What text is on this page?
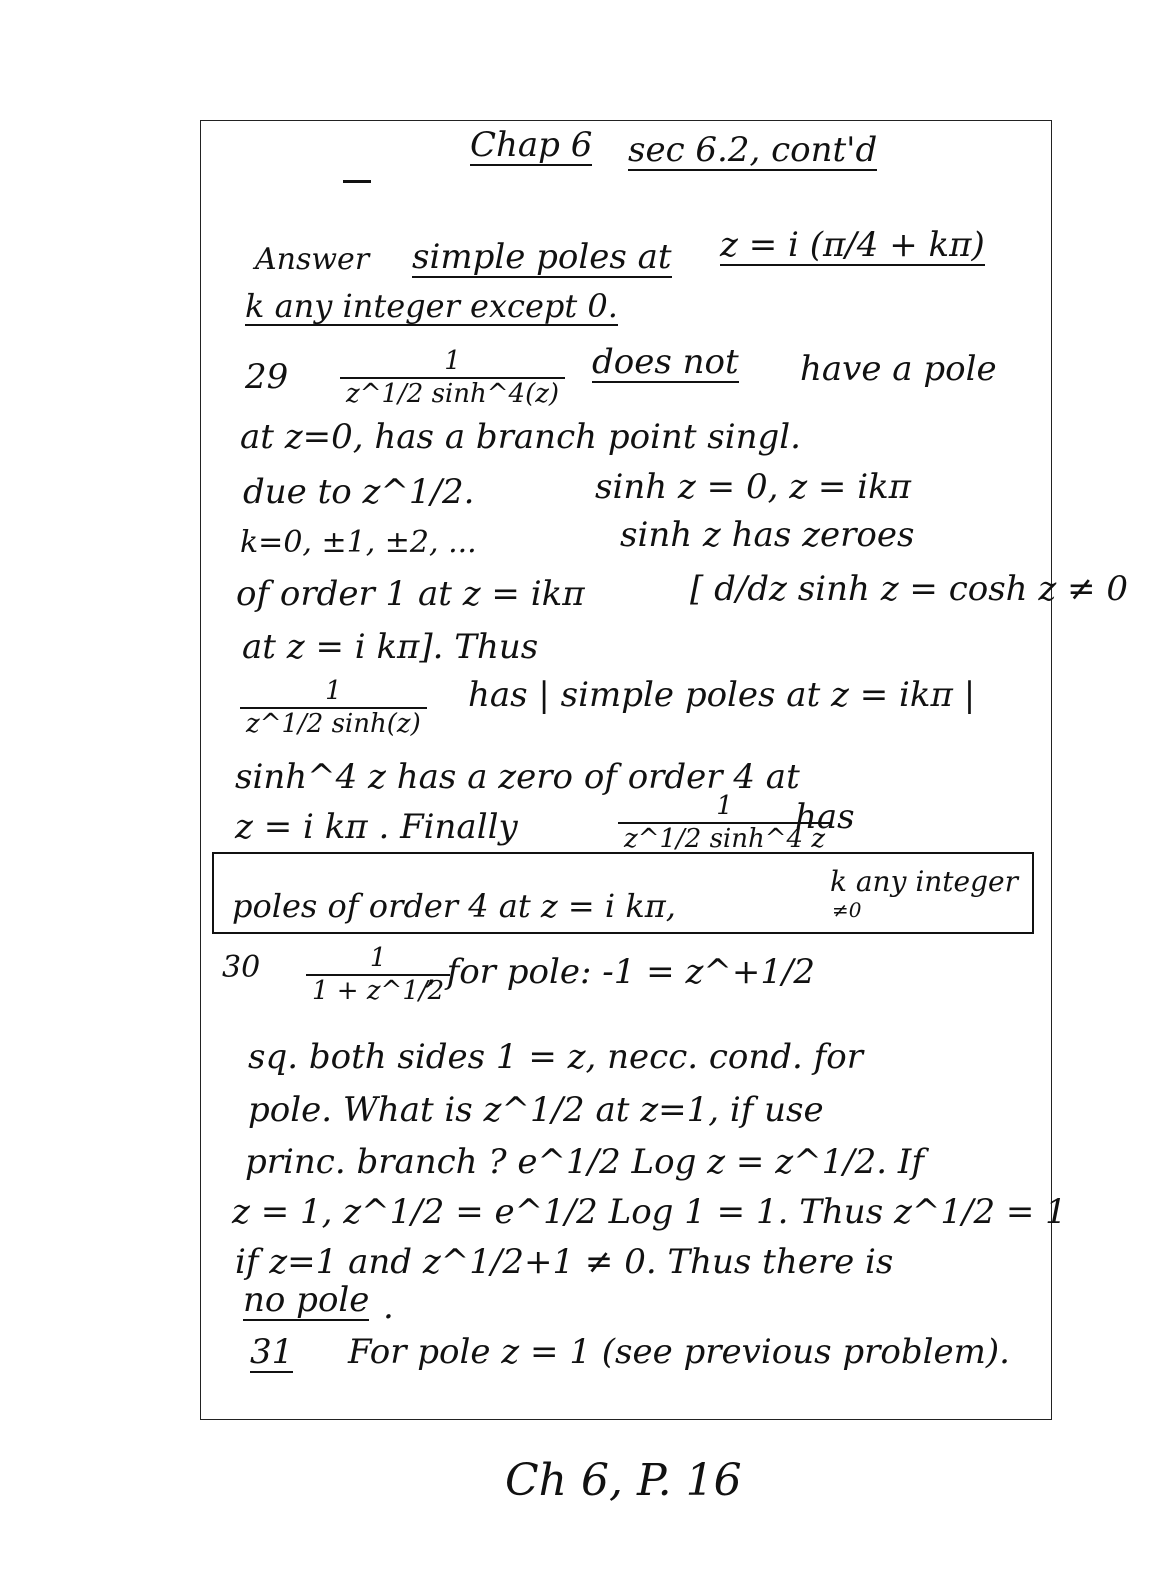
Chap 6 sec 6.2, cont'd
Answer simple poles at z = i (π/4 + kπ)
k any integer except 0.
$29 \frac{1}{z\^{}1/2 \sinh\^{}4(z)}$ does not have a pole
at z=0, has a branch point singl.
due to z^1/2.	sinh z = 0, z = ikπ
k=0, ±1, ±2, ...	sinh z has zeroes
of order 1 at z = ikπ	[ d/dz sinh z = cosh z ≠ 0
at z = i kπ]. Thus
$\frac{1}{z\^{}1/2 \sinh(z)}$ has | simple poles at z = ikπ |
sinh^4 z has a zero of order 4 at
z = i kπ . Finally	$\frac{1}{z\^{}1/2 \sinh\^{}4 z}$
has
poles of order 4 at z = i kπ,
k any integer
≠0
$30 \frac{1}{1 + z\^{}1/2}$
, for pole: -1 = z^+1/2
sq. both sides 1 = z, necc. cond. for
pole. What is z^1/2 at z=1, if use
princ. branch ? e^1/2 Log z = z^1/2. If
z = 1, z^1/2 = e^1/2 Log 1 = 1. Thus z^1/2 = 1
if z=1 and z^1/2+1 ≠ 0. Thus there is
no pole .
31 For pole z = 1 (see previous problem).
Ch 6, P. 16
